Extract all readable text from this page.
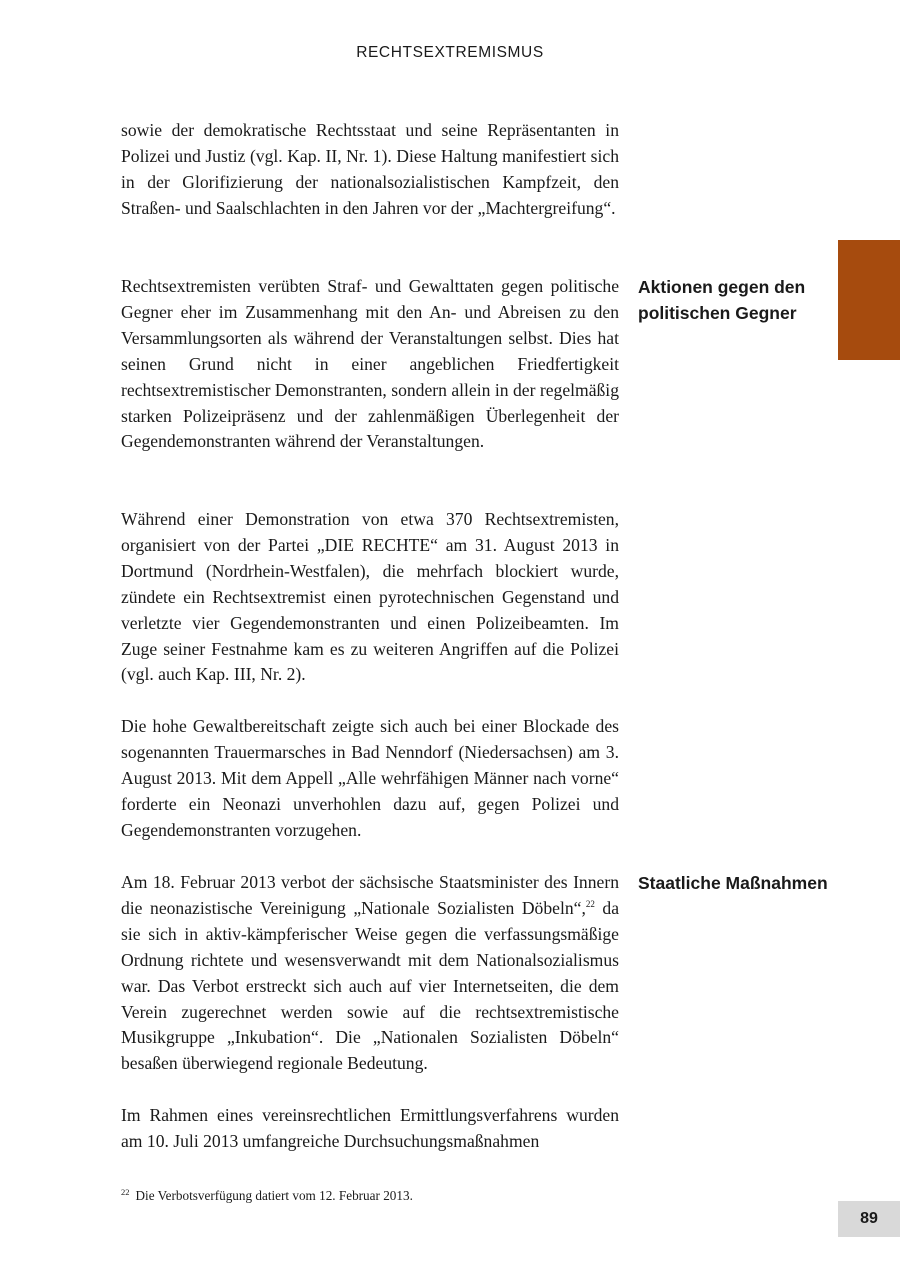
RECHTSEXTREMISMUS

sowie der demokratische Rechtsstaat und seine Repräsentanten in Polizei und Justiz (vgl. Kap. II, Nr. 1). Diese Haltung manifestiert sich in der Glorifizierung der nationalsozialistischen Kampfzeit, den Straßen- und Saalschlachten in den Jahren vor der „Machtergreifung“.

Rechtsextremisten verübten Straf- und Gewalttaten gegen politische Gegner eher im Zusammenhang mit den An- und Abreisen zu den Versammlungsorten als während der Veranstaltungen selbst. Dies hat seinen Grund nicht in einer angeblichen Friedfertigkeit rechtsextremistischer Demonstranten, sondern allein in der regelmäßig starken Polizeipräsenz und der zahlenmäßigen Überlegenheit der Gegendemonstranten während der Veranstaltungen.

Aktionen gegen den politischen Gegner

Während einer Demonstration von etwa 370 Rechtsextremisten, organisiert von der Partei „DIE RECHTE“ am 31. August 2013 in Dortmund (Nordrhein-Westfalen), die mehrfach blockiert wurde, zündete ein Rechtsextremist einen pyrotechnischen Gegenstand und verletzte vier Gegendemonstranten und einen Polizeibeamten. Im Zuge seiner Festnahme kam es zu weiteren Angriffen auf die Polizei (vgl. auch Kap. III, Nr. 2).

Die hohe Gewaltbereitschaft zeigte sich auch bei einer Blockade des sogenannten Trauermarsches in Bad Nenndorf (Niedersachsen) am 3. August 2013. Mit dem Appell „Alle wehrfähigen Männer nach vorne“ forderte ein Neonazi unverhohlen dazu auf, gegen Polizei und Gegendemonstranten vorzugehen.

Am 18. Februar 2013 verbot der sächsische Staatsminister des Innern die neonazistische Vereinigung „Nationale Sozialisten Döbeln“,$^{22}$ da sie sich in aktiv-kämpferischer Weise gegen die verfassungsmäßige Ordnung richtete und wesensverwandt mit dem Nationalsozialismus war. Das Verbot erstreckt sich auch auf vier Internetseiten, die dem Verein zugerechnet werden sowie auf die rechtsextremistische Musikgruppe „Inkubation“. Die „Nationalen Sozialisten Döbeln“ besaßen überwiegend regionale Bedeutung.

Staatliche Maßnahmen

Im Rahmen eines vereinsrechtlichen Ermittlungsverfahrens wurden am 10. Juli 2013 umfangreiche Durchsuchungsmaßnahmen

$^{22}$ Die Verbotsverfügung datiert vom 12. Februar 2013.

89
